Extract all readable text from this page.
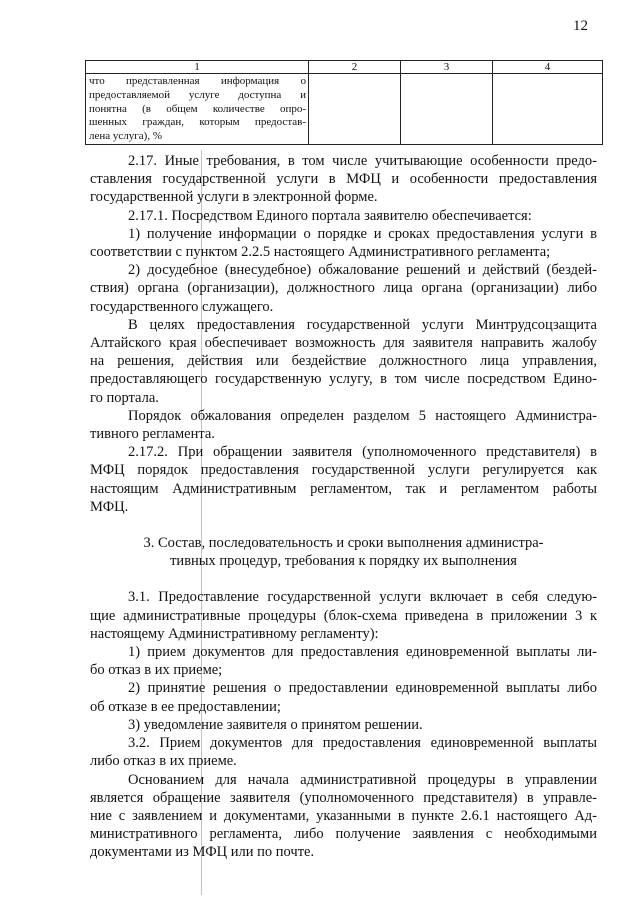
12
1	2	3	4

что представленная информация о
предоставляемой услуге доступна и
понятна (в общем количестве опро-
шенных граждан, которым предостав-
лена услуга), %			

2.17. Иные требования, в том числе учитывающие особенности предо-
ставления государственной услуги в МФЦ и особенности предоставления
государственной услуги в электронной форме.
2.17.1. Посредством Единого портала заявителю обеспечивается:
1) получение информации о порядке и сроках предоставления услуги в
соответствии с пунктом 2.2.5 настоящего Административного регламента;
2) досудебное (внесудебное) обжалование решений и действий (бездей-
ствия) органа (организации), должностного лица органа (организации) либо
государственного служащего.
В целях предоставления государственной услуги Минтрудсоцзащита
Алтайского края обеспечивает возможность для заявителя направить жалобу
на решения, действия или бездействие должностного лица управления,
предоставляющего государственную услугу, в том числе посредством Едино-
го портала.
Порядок обжалования определен разделом 5 настоящего Администра-
тивного регламента.
2.17.2. При обращении заявителя (уполномоченного представителя) в
МФЦ порядок предоставления государственной услуги регулируется как
настоящим Административным регламентом, так и регламентом работы
МФЦ.
3. Состав, последовательность и сроки выполнения администра-
тивных процедур, требования к порядку их выполнения
3.1. Предоставление государственной услуги включает в себя следую-
щие административные процедуры (блок-схема приведена в приложении 3 к
настоящему Административному регламенту):
1) прием документов для предоставления единовременной выплаты ли-
бо отказ в их приеме;
2) принятие решения о предоставлении единовременной выплаты либо
об отказе в ее предоставлении;
3) уведомление заявителя о принятом решении.
3.2. Прием документов для предоставления единовременной выплаты
либо отказ в их приеме.
Основанием для начала административной процедуры в управлении
является обращение заявителя (уполномоченного представителя) в управле-
ние с заявлением и документами, указанными в пункте 2.6.1 настоящего Ад-
министративного регламента, либо получение заявления с необходимыми
документами из МФЦ или по почте.
